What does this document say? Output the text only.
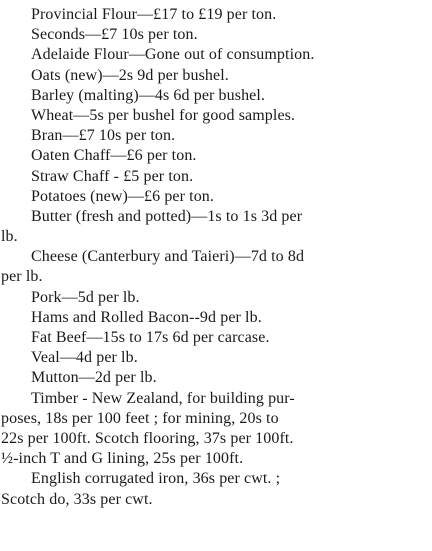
Provincial Flour—£17 to £19 per ton.
Seconds—£7 10s per ton.
Adelaide Flour—Gone out of consumption.
Oats (new)—2s 9d per bushel.
Barley (malting)—4s 6d per bushel.
Wheat—5s per bushel for good samples.
Bran—£7 10s per ton.
Oaten Chaff—£6 per ton.
Straw Chaff - £5 per ton.
Potatoes (new)—£6 per ton.
Butter (fresh and potted)—1s to 1s 3d per
lb.
Cheese (Canterbury and Taieri)—7d to 8d
per lb.
Pork—5d per lb.
Hams and Rolled Bacon--9d per lb.
Fat Beef—15s to 17s 6d per carcase.
Veal—4d per lb.
Mutton—2d per lb.
Timber - New Zealand, for building pur-
poses, 18s per 100 feet ; for mining, 20s to
22s per 100ft. Scotch flooring, 37s per 100ft.
½-inch T and G lining, 25s per 100ft.
English corrugated iron, 36s per cwt. ;
Scotch do, 33s per cwt.
